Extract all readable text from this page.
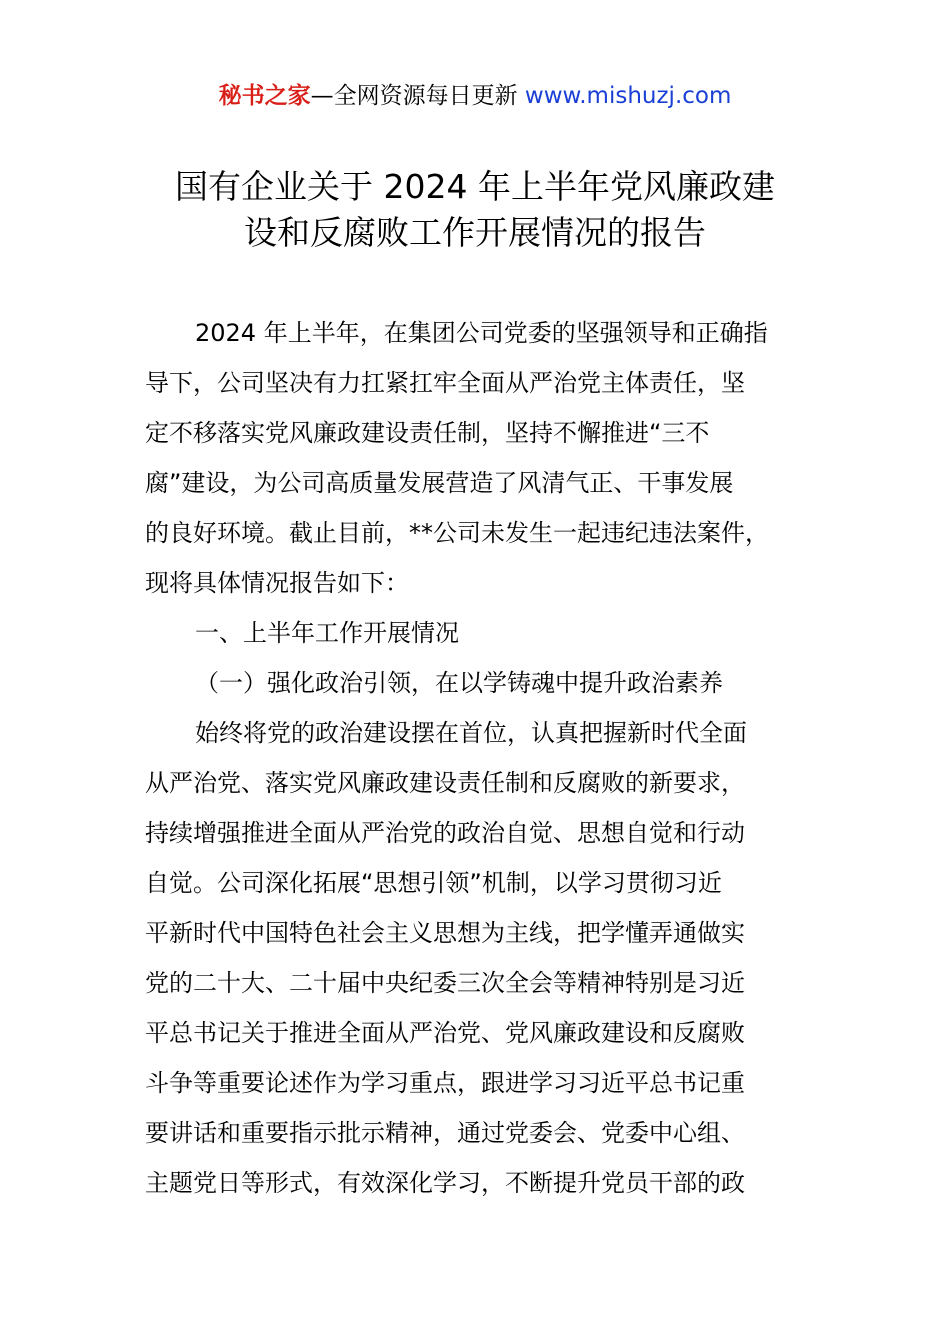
秘书之家—全网资源每日更新 www.mishuzj.com
国有企业关于 2024 年上半年党风廉政建
设和反腐败工作开展情况的报告
2024 年上半年，在集团公司党委的坚强领导和正确指
导下，公司坚决有力扛紧扛牢全面从严治党主体责任，坚
定不移落实党风廉政建设责任制，坚持不懈推进“三不
腐”建设，为公司高质量发展营造了风清气正、干事发展
的良好环境。截止目前，**公司未发生一起违纪违法案件，
现将具体情况报告如下：
一、上半年工作开展情况
（一）强化政治引领，在以学铸魂中提升政治素养
始终将党的政治建设摆在首位，认真把握新时代全面
从严治党、落实党风廉政建设责任制和反腐败的新要求，
持续增强推进全面从严治党的政治自觉、思想自觉和行动
自觉。公司深化拓展“思想引领”机制，以学习贯彻习近
平新时代中国特色社会主义思想为主线，把学懂弄通做实
党的二十大、二十届中央纪委三次全会等精神特别是习近
平总书记关于推进全面从严治党、党风廉政建设和反腐败
斗争等重要论述作为学习重点，跟进学习习近平总书记重
要讲话和重要指示批示精神，通过党委会、党委中心组、
主题党日等形式，有效深化学习，不断提升党员干部的政
